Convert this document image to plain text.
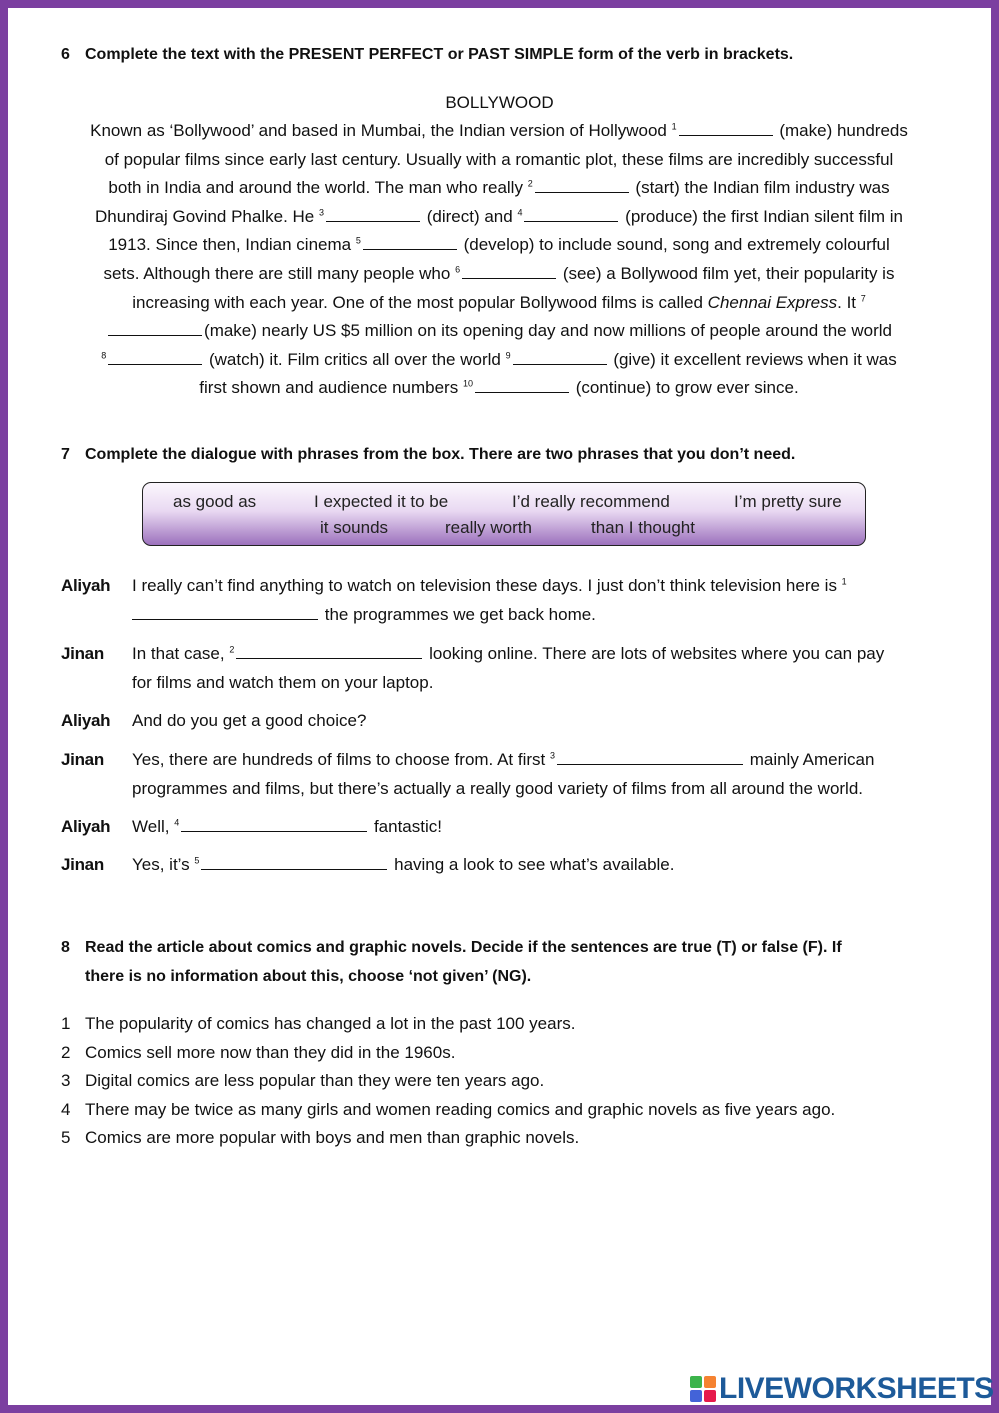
6 Complete the text with the PRESENT PERFECT or PAST SIMPLE form of the verb in brackets.
BOLLYWOOD
Known as ‘Bollywood’ and based in Mumbai, the Indian version of Hollywood $^1$	(make) hundreds
of popular films since early last century. Usually with a romantic plot, these films are incredibly successful
both in India and around the world. The man who really $^2$	(start) the Indian film industry was
Dhundiraj Govind Phalke. He $^3$	(direct) and $^4$	(produce) the first Indian silent film in
1913. Since then, Indian cinema $^5$	(develop) to include sound, song and extremely colourful
sets. Although there are still many people who $^6$	(see) a Bollywood film yet, their popularity is
increasing with each year. One of the most popular Bollywood films is called Chennai Express. It $^7$
(make) nearly US $5 million on its opening day and now millions of people around the world
$^8$	(watch) it. Film critics all over the world $^9$	(give) it excellent reviews when it was
first shown and audience numbers $^{10}$	(continue) to grow ever since.
7 Complete the dialogue with phrases from the box. There are two phrases that you don’t need.
as good as	I expected it to be	I’d really recommend	I’m pretty sure
it sounds	really worth	than I thought
Aliyah I really can’t find anything to watch on television these days. I just don’t think television here is $^1$
the programmes we get back home.
Jinan In that case, $^2$	looking online. There are lots of websites where you can pay
for films and watch them on your laptop.
Aliyah And do you get a good choice?
Jinan Yes, there are hundreds of films to choose from. At first $^3$	mainly American
programmes and films, but there’s actually a really good variety of films from all around the world.
Aliyah Well, $^4$	fantastic!
Jinan Yes, it’s $^5$	having a look to see what’s available.
8 Read the article about comics and graphic novels. Decide if the sentences are true (T) or false (F). If
there is no information about this, choose ‘not given’ (NG).
1 The popularity of comics has changed a lot in the past 100 years.
2 Comics sell more now than they did in the 1960s.
3 Digital comics are less popular than they were ten years ago.
4 There may be twice as many girls and women reading comics and graphic novels as five years ago.
5 Comics are more popular with boys and men than graphic novels.
LIVEWORKSHEETS
